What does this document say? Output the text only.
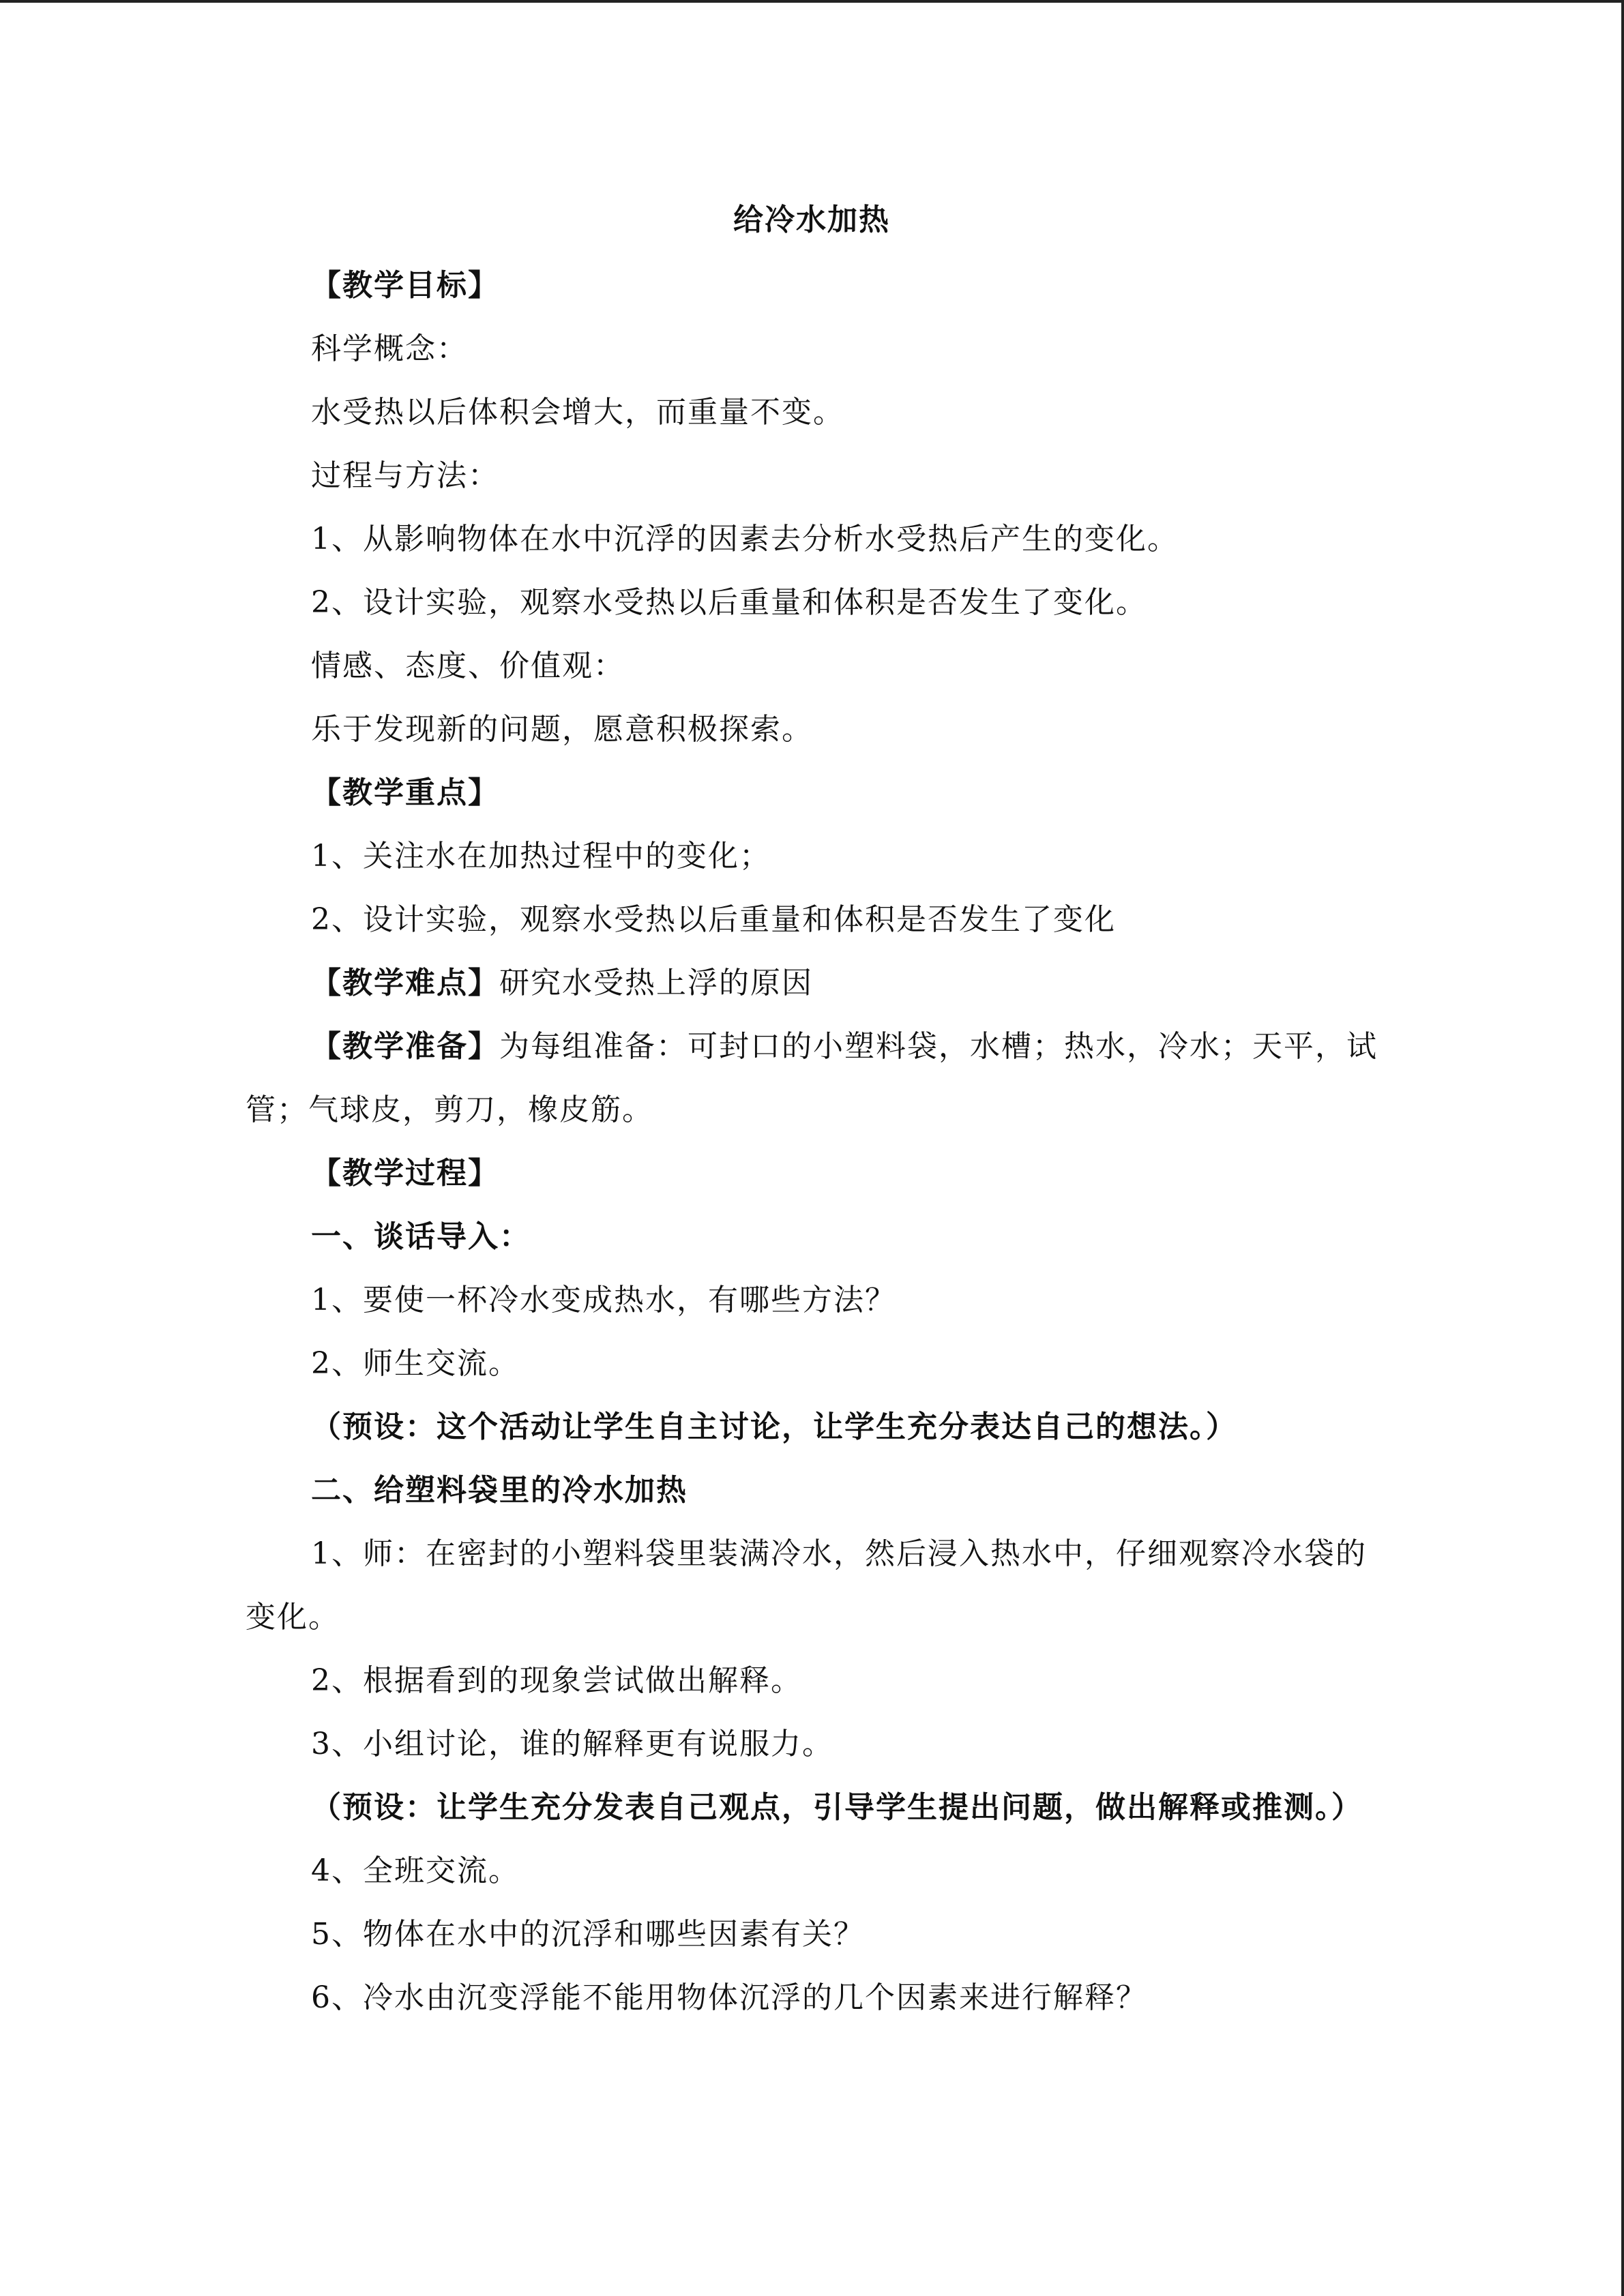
给冷水加热

【教学目标】

科学概念：

水受热以后体积会增大，而重量不变。

过程与方法：

1、从影响物体在水中沉浮的因素去分析水受热后产生的变化。

2、设计实验，观察水受热以后重量和体积是否发生了变化。

情感、态度、价值观：

乐于发现新的问题，愿意积极探索。

【教学重点】

1、关注水在加热过程中的变化；

2、设计实验，观察水受热以后重量和体积是否发生了变化

【教学难点】研究水受热上浮的原因

【教学准备】为每组准备：可封口的小塑料袋，水槽；热水，冷水；天平，试管；气球皮，剪刀，橡皮筋。

【教学过程】

一、谈话导入：

1、要使一杯冷水变成热水，有哪些方法？

2、师生交流。

（预设：这个活动让学生自主讨论，让学生充分表达自己的想法。）

二、给塑料袋里的冷水加热

1、师：在密封的小塑料袋里装满冷水，然后浸入热水中，仔细观察冷水袋的变化。

2、根据看到的现象尝试做出解释。

3、小组讨论，谁的解释更有说服力。

（预设：让学生充分发表自己观点，引导学生提出问题，做出解释或推测。）

4、全班交流。

5、物体在水中的沉浮和哪些因素有关？

6、冷水由沉变浮能不能用物体沉浮的几个因素来进行解释？
